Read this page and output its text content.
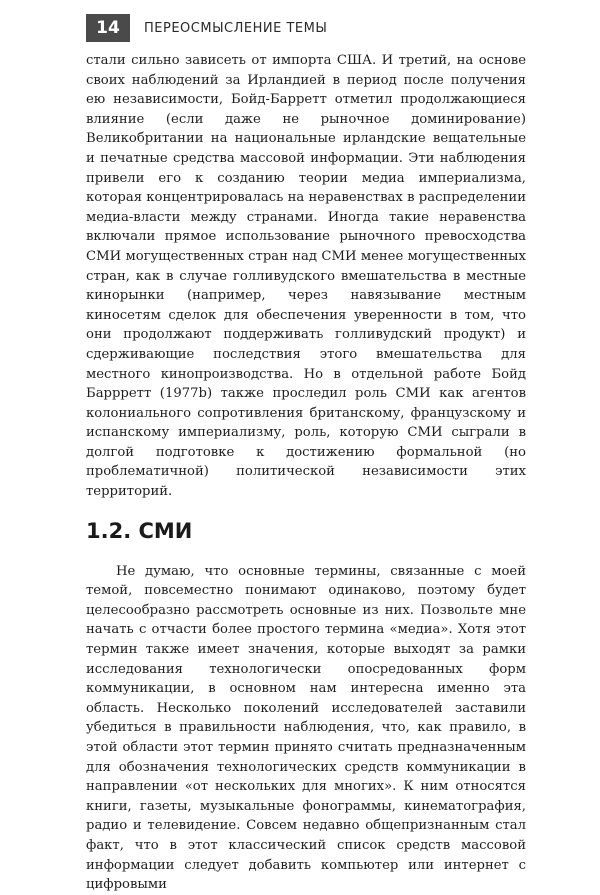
14	ПЕРЕОСМЫСЛЕНИЕ ТЕМЫ

стали сильно зависеть от импорта США. И третий, на основе своих наблюдений за Ирландией в период после получения ею независимости, Бойд-Барретт отметил продолжающиеся влияние (если даже не рыночное доминирование) Великобритании на национальные ирландские вещательные и печатные средства массовой информации. Эти наблюдения привели его к созданию теории медиа империализма, которая концентрировалась на неравенствах в распределении медиа-власти между странами. Иногда такие неравенства включали прямое использование рыночного превосходства СМИ могущественных стран над СМИ менее могущественных стран, как в случае голливудского вмешательства в местные кинорынки (например, через навязывание местным киносетям сделок для обеспечения уверенности в том, что они продолжают поддерживать голливудский продукт) и сдерживающие последствия этого вмешательства для местного кинопроизводства. Но в отдельной работе Бойд Баррретт (1977b) также проследил роль СМИ как агентов колониального сопротивления британскому, французскому и испанскому империализму, роль, которую СМИ сыграли в долгой подготовке к достижению формальной (но проблематичной) политической независимости этих территорий.

1.2. СМИ

Не думаю, что основные термины, связанные с моей темой, повсеместно понимают одинаково, поэтому будет целесообразно рассмотреть основные из них. Позвольте мне начать с отчасти более простого термина «медиа». Хотя этот термин также имеет значения, которые выходят за рамки исследования технологически опосредованных форм коммуникации, в основном нам интересна именно эта область. Несколько поколений исследователей заставили убедиться в правильности наблюдения, что, как правило, в этой области этот термин принято считать предназначенным для обозначения технологических средств коммуникации в направлении «от нескольких для многих». К ним относятся книги, газеты, музыкальные фонограммы, кинематография, радио и телевидение. Совсем недавно общепризнанным стал факт, что в этот классический список средств массовой информации следует добавить компьютер или интернет с цифровыми
